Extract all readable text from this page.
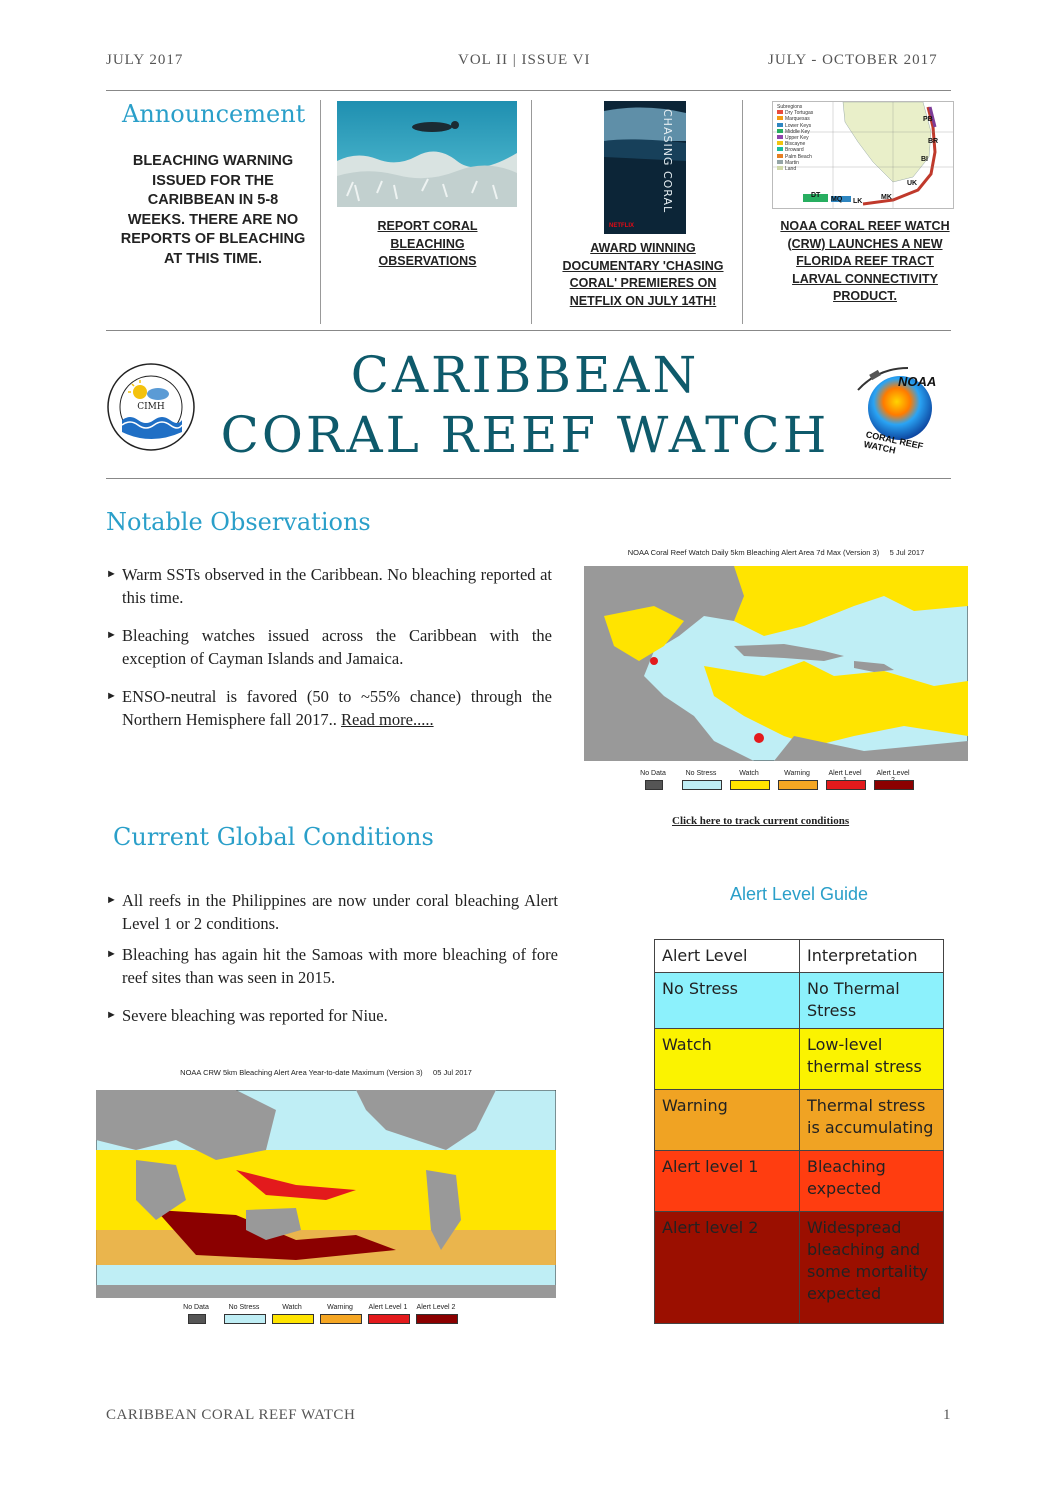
JULY 2017	VOL II | ISSUE VI	JULY - OCTOBER 2017
Announcement
BLEACHING WARNING ISSUED FOR THE CARIBBEAN IN 5-8 WEEKS. THERE ARE NO REPORTS OF BLEACHING AT THIS TIME.
REPORT CORAL BLEACHING OBSERVATIONS
CHASING CORAL
NETFLIX
AWARD WINNING DOCUMENTARY 'CHASING CORAL' PREMIERES ON NETFLIX ON JULY 14TH!
Subregions
Dry Tortugas
Marquesas
Lower Keys
Middle Key
Upper Key
Biscayne
Broward
Palm Beach
Martin
Land
PB
BR
BI
UK
MK
LK
DT
MQ
NOAA CORAL REEF WATCH (CRW) LAUNCHES A NEW FLORIDA REEF TRACT LARVAL CONNECTIVITY PRODUCT.
CIMH
CARIBBEAN
CORAL REEF WATCH
NOAA
CORAL REEF WATCH
Notable Observations
► Warm SSTs observed in the Caribbean. No bleaching reported at this time.
► Bleaching watches issued across the Caribbean with the exception of Cayman Islands and Jamaica.
► ENSO-neutral is favored (50 to ~55% chance) through the Northern Hemisphere fall 2017.. Read more.....
NOAA Coral Reef Watch Daily 5km Bleaching Alert Area 7d Max (Version 3)     5 Jul 2017
No Data	No Stress	Watch	Warning	Alert Level	Alert Level
Click here to track current conditions
Current Global Conditions
► All reefs in the Philippines are now under coral bleaching Alert Level 1 or 2 conditions.
► Bleaching has again hit the Samoas with more bleaching of fore reef sites than was seen in 2015.
► Severe bleaching was reported for Niue.
NOAA CRW 5km Bleaching Alert Area Year-to-date Maximum (Version 3)     05 Jul 2017
No Data	No Stress	Watch	Warning	Alert Level 1 Alert Level 2
Alert Level Guide
Alert Level	Interpretation
No Stress	No Thermal Stress
Watch	Low-level thermal stress
Warning	Thermal stress is accumulating
Alert level 1	Bleaching expected
Alert level 2	Widespread bleaching and some mortality expected
CARIBBEAN CORAL REEF WATCH	1
